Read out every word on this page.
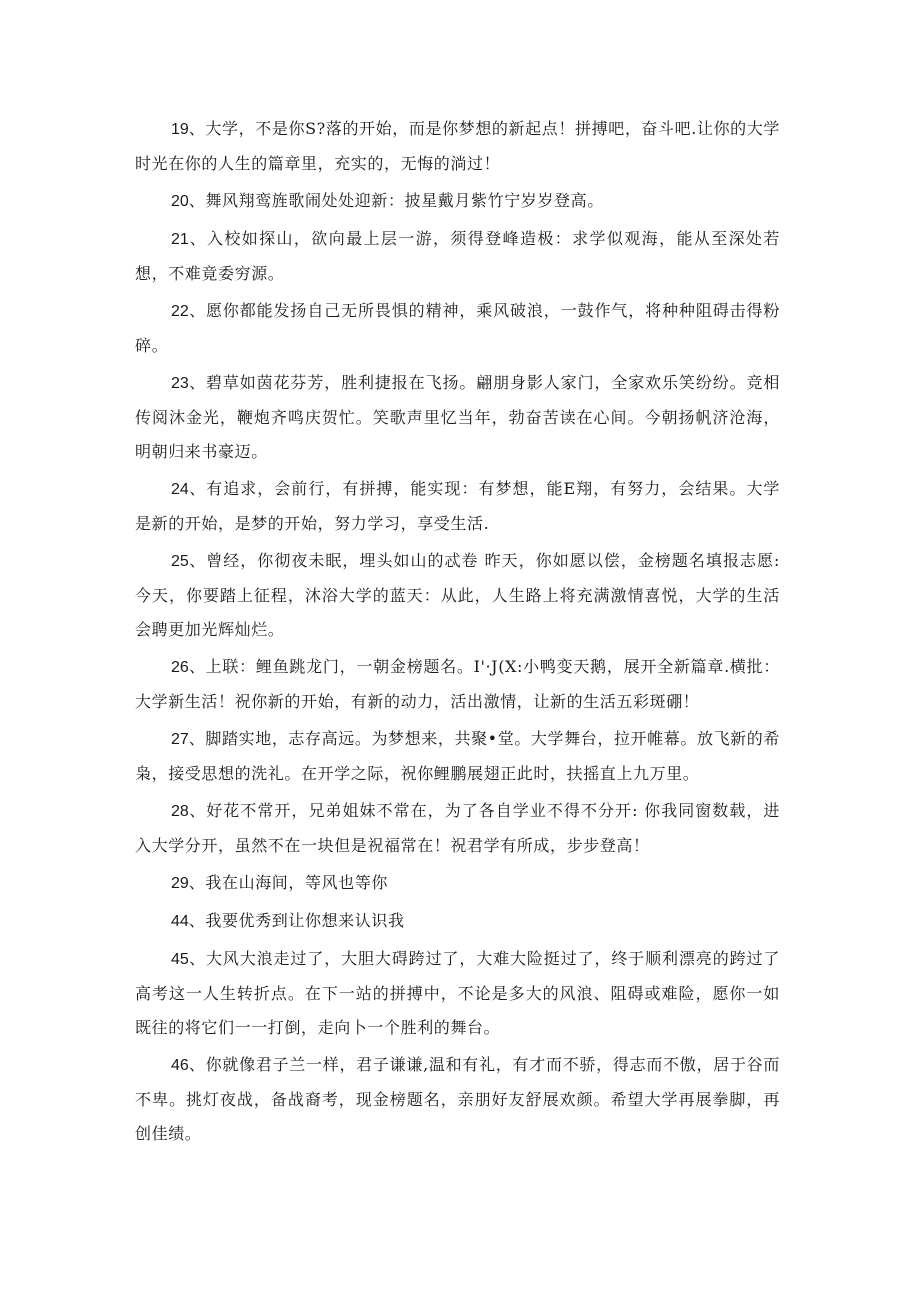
19、大学，不是你S?落的开始，而是你梦想的新起点！拼搏吧，奋斗吧.让你的大学时光在你的人生的篇章里，充实的，无悔的淌过！

20、舞风翔鸾旌歌闹处处迎新：披星戴月紫竹宁岁岁登高。

21、入校如探山，欲向最上层一游，须得登峰造极：求学似观海，能从至深处若想，不难竟委穷源。

22、愿你都能发扬自己无所畏惧的精神，乘风破浪，一鼓作气，将种种阻碍击得粉碎。

23、碧草如茵花芬芳，胜利捷报在飞扬。翩朋身影人家门，全家欢乐笑纷纷。竞相传阅沐金光，鞭炮齐鸣庆贺忙。笑歌声里忆当年，勃奋苦读在心间。今朝扬帆济沧海，明朝归来书豪迈。

24、有追求，会前行，有拼搏，能实现：有梦想，能E翔，有努力，会结果。大学是新的开始，是梦的开始，努力学习，享受生活.

25、曾经，你彻夜未眠，埋头如山的忒卷 昨天，你如愿以偿，金榜题名填报志愿:今天，你要踏上征程，沐浴大学的蓝天：从此，人生路上将充满激情喜悦，大学的生活会聘更加光辉灿烂。

26、上联：鲤鱼跳龙门，一朝金榜题名。I'·J(X:小鸭变天鹅，展开全新篇章.横批：大学新生活！祝你新的开始，有新的动力，活出激情，让新的生活五彩斑硼！

27、脚踏实地，志存高远。为梦想来，共聚•堂。大学舞台，拉开帷幕。放飞新的希枭，接受思想的洗礼。在开学之际，祝你鲤鹏展翅正此时，扶摇直上九万里。

28、好花不常开，兄弟姐妹不常在，为了各自学业不得不分开: 你我同窗数载，进入大学分开，虽然不在一块但是祝福常在！祝君学有所成，步步登高！

29、我在山海间，等风也等你

44、我要优秀到让你想来认识我

45、大风大浪走过了，大胆大碍跨过了，大难大险挺过了，终于顺利漂亮的跨过了高考这一人生转折点。在下一站的拼搏中，不论是多大的风浪、阻碍或难险，愿你一如既往的将它们一一打倒，走向卜一个胜利的舞台。

46、你就像君子兰一样，君子谦谦,温和有礼，有才而不骄，得志而不傲，居于谷而不卑。挑灯夜战，备战裔考，现金榜题名，亲朋好友舒展欢颜。希望大学再展拳脚，再创佳绩。
